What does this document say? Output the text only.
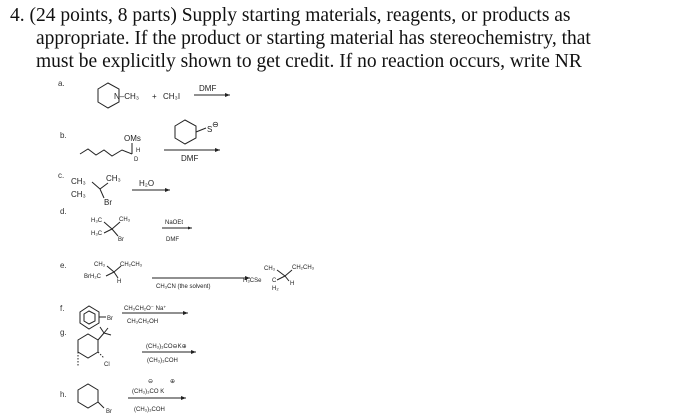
4. (24 points, 8 parts) Supply starting materials, reagents, or products as
appropriate. If the product or starting material has stereochemistry, that
must be explicitly shown to get credit. If no reaction occurs, write NR
a.
N–CH₃ + CH₃I
DMF
b.	OMs
H
D
S
⊖
DMF
c.
CH₃	CH₃
CH₃
Br
H₂O
d.
H₃C	CH₃
H₃C
Br
NaOEt
DMF
e.	CH₃ CH₂CH₃
BrH₂C
H
CH₃CN (the solvent)
CH₃	CH₂CH₃
H₃CSe C
H₂
H
f.
Br
CH₃CH₂O⁻ Na⁺
CH₃CH₂OH
g.
Cl
(CH₃)₃CO⊖K⊕
(CH₃)₃COH
h.
Br
⊖	⊕
(CH₃)₃CO K
(CH₃)₃COH
